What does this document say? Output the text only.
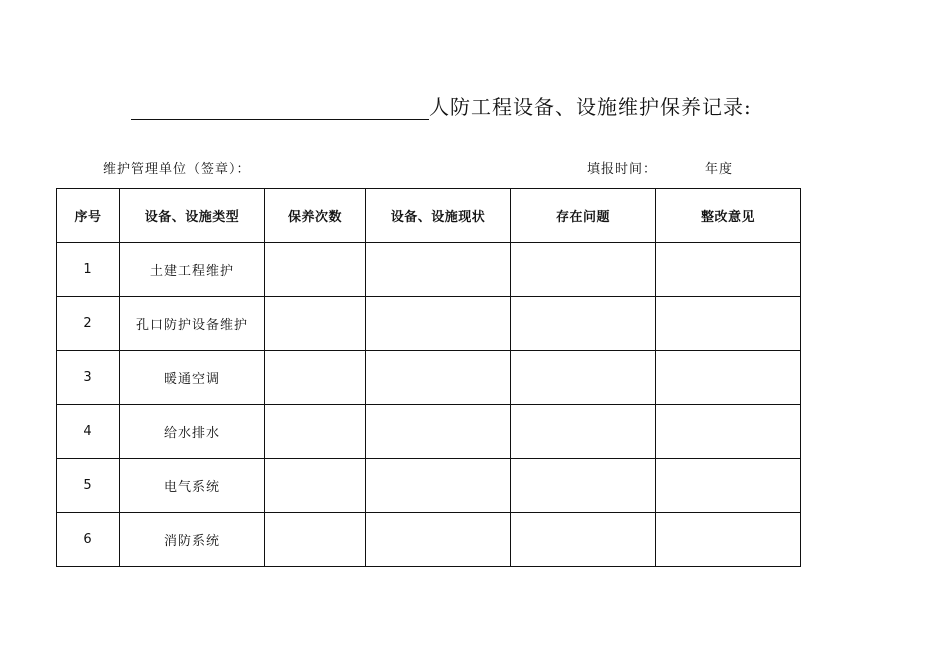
人防工程设备、设施维护保养记录:
维护管理单位（签章）：	填报时间：	年度
序号	设备、设施类型	保养次数	设备、设施现状	存在问题	整改意见
1	土建工程维护				
2	孔口防护设备维护				
3	暖通空调				
4	给水排水				
5	电气系统				
6	消防系统				
